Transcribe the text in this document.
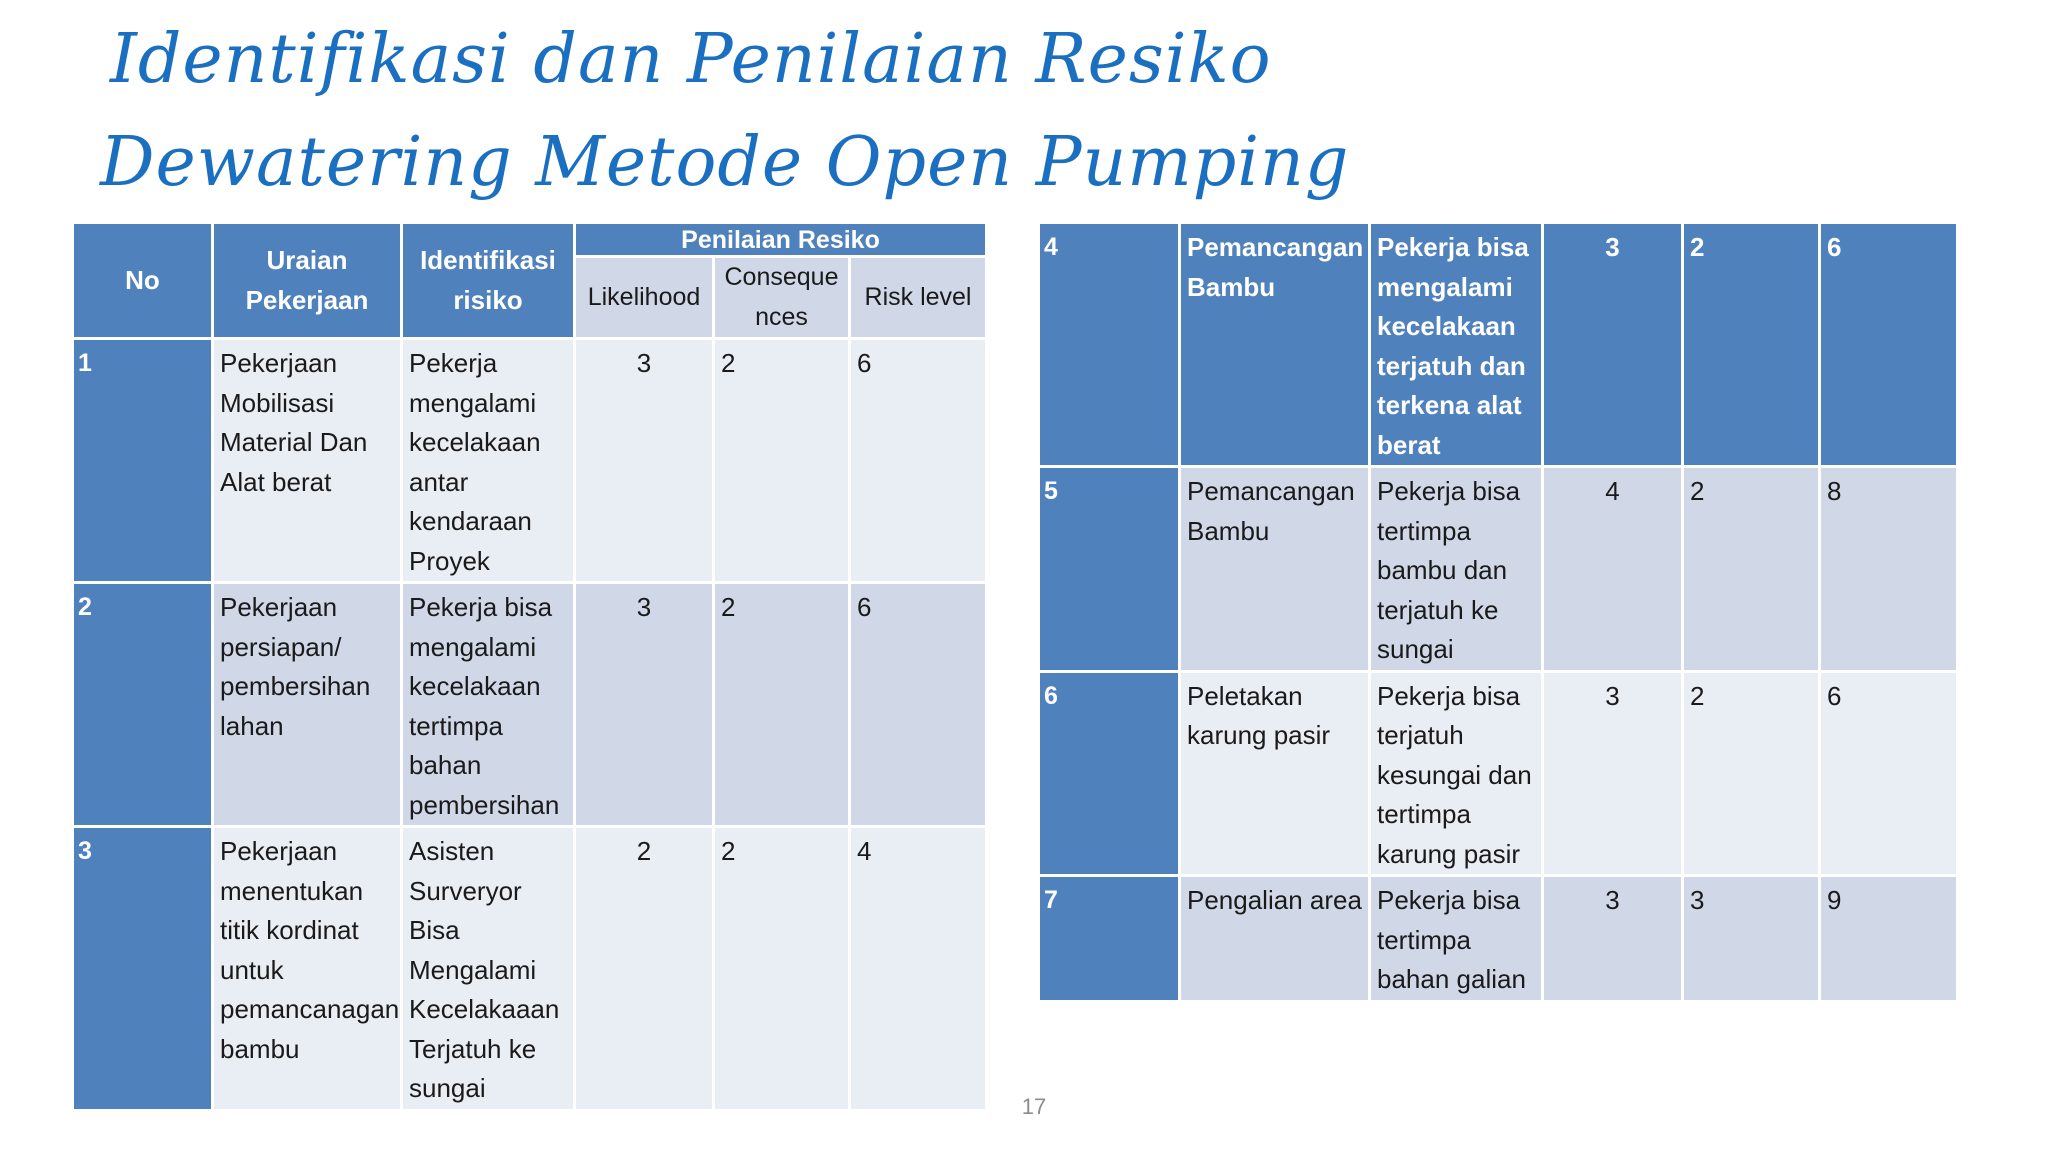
Identifikasi dan Penilaian Resiko
Dewatering Metode Open Pumping
No	Uraian Pekerjaan	Identifikasi risiko	Penilaian Resiko		
			Likelihood	Conseque nces	Risk level
1	Pekerjaan Mobilisasi Material Dan Alat berat	Pekerja mengalami kecelakaan antar kendaraan Proyek	3	2	6
2	Pekerjaan persiapan/ pembersihan lahan	Pekerja bisa mengalami kecelakaan tertimpa bahan pembersihan	3	2	6
3	Pekerjaan menentukan titik kordinat untuk pemancanagan bambu	Asisten Surveryor Bisa Mengalami Kecelakaaan Terjatuh ke sungai	2	2	4
4	Pemancangan Bambu	Pekerja bisa mengalami kecelakaan terjatuh dan terkena alat berat	3	2	6
5	Pemancangan Bambu	Pekerja bisa tertimpa bambu dan terjatuh ke sungai	4	2	8
6	Peletakan karung pasir	Pekerja bisa terjatuh kesungai dan tertimpa karung pasir	3	2	6
7	Pengalian area	Pekerja bisa tertimpa bahan galian	3	3	9
17
